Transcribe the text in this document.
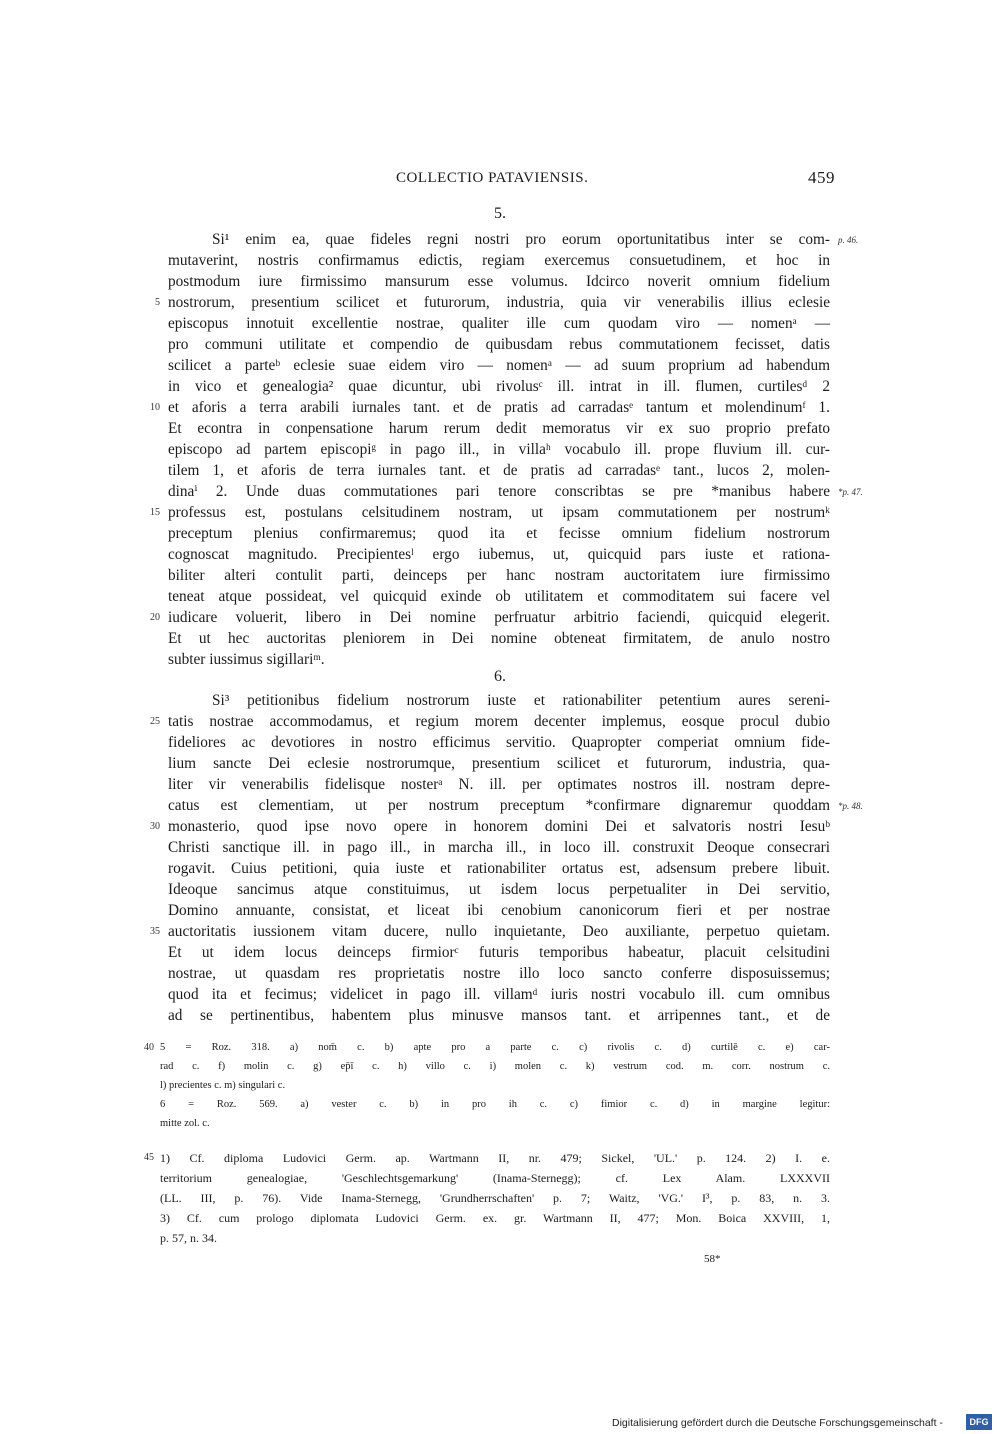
COLLECTIO PATAVIENSIS.	459
5.
Si¹ enim ea, quae fideles regni nostri pro eorum oportunitatibus inter se com-
mutaverint, nostris confirmamus edictis, regiam exercemus consuetudinem, et hoc in
postmodum iure firmissimo mansurum esse volumus. Idcirco noverit omnium fidelium
nostrorum, presentium scilicet et futurorum, industria, quia vir venerabilis illius eclesie
episcopus innotuit excellentie nostrae, qualiter ille cum quodam viro — nomenᵃ —
pro communi utilitate et compendio de quibusdam rebus commutationem fecisset, datis
scilicet a parteᵇ eclesie suae eidem viro — nomenᵃ — ad suum proprium ad habendum
in vico et genealogia² quae dicuntur, ubi rivolusᶜ ill. intrat in ill. flumen, curtilesᵈ 2
et aforis a terra arabili iurnales tant. et de pratis ad carradasᵉ tantum et molendinumᶠ 1.
Et econtra in conpensatione harum rerum dedit memoratus vir ex suo proprio prefato
episcopo ad partem episcopiᵍ in pago ill., in villaʰ vocabulo ill. prope fluvium ill. cur-
tilem 1, et aforis de terra iurnales tant. et de pratis ad carradasᵉ tant., lucos 2, molen-
dinaⁱ 2. Unde duas commutationes pari tenore conscribtas se pre *manibus habere
professus est, postulans celsitudinem nostram, ut ipsam commutationem per nostrumᵏ
preceptum plenius confirmaremus; quod ita et fecisse omnium fidelium nostrorum
cognoscat magnitudo. Precipientesˡ ergo iubemus, ut, quicquid pars iuste et rationa-
biliter alteri contulit parti, deinceps per hanc nostram auctoritatem iure firmissimo
teneat atque possideat, vel quicquid exinde ob utilitatem et commoditatem sui facere vel
iudicare voluerit, libero in Dei nomine perfruatur arbitrio faciendi, quicquid elegerit.
Et ut hec auctoritas pleniorem in Dei nomine obteneat firmitatem, de anulo nostro
subter iussimus sigillariᵐ.
6.
Si³ petitionibus fidelium nostrorum iuste et rationabiliter petentium aures sereni-
tatis nostrae accommodamus, et regium morem decenter implemus, eosque procul dubio
fideliores ac devotiores in nostro efficimus servitio. Quapropter comperiat omnium fide-
lium sancte Dei eclesie nostrorumque, presentium scilicet et futurorum, industria, qua-
liter vir venerabilis fidelisque nosterᵃ N. ill. per optimates nostros ill. nostram depre-
catus est clementiam, ut per nostrum preceptum *confirmare dignaremur quoddam
monasterio, quod ipse novo opere in honorem domini Dei et salvatoris nostri Iesuᵇ
Christi sanctique ill. in pago ill., in marcha ill., in loco ill. construxit Deoque consecrari
rogavit. Cuius petitioni, quia iuste et rationabiliter ortatus est, adsensum prebere libuit.
Ideoque sancimus atque constituimus, ut isdem locus perpetualiter in Dei servitio,
Domino annuante, consistat, et liceat ibi cenobium canonicorum fieri et per nostrae
auctoritatis iussionem vitam ducere, nullo inquietante, Deo auxiliante, perpetuo quietam.
Et ut idem locus deinceps firmiorᶜ futuris temporibus habeatur, placuit celsitudini
nostrae, ut quasdam res proprietatis nostre illo loco sancto conferre disposuissemus;
quod ita et fecimus; videlicet in pago ill. villamᵈ iuris nostri vocabulo ill. cum omnibus
ad se pertinentibus, habentem plus minusve mansos tant. et arripennes tant., et de
5
10
15
20
25
30
35
p. 46.
*p. 47.
*p. 48.
40 5 = Roz. 318. a) nom̄ c. b) apte pro a parte c. c) rivolis c. d) curtilē c. e) car-
rad c. f) molin c. g) ep̄ī c. h) villo c. i) molen c. k) vestrum cod. m. corr. nostrum c.
l) precientes c. m) singulari c.
6 = Roz. 569. a) vester c. b) in pro ih c. c) fimior c. d) in margine legitur:
mitte zol. c.
45 1) Cf. diploma Ludovici Germ. ap. Wartmann II, nr. 479; Sickel, 'UL.' p. 124. 2) I. e.
territorium genealogiae, 'Geschlechtsgemarkung' (Inama-Sternegg); cf. Lex Alam. LXXXVII
(LL. III, p. 76). Vide Inama-Sternegg, 'Grundherrschaften' p. 7; Waitz, 'VG.' I³, p. 83, n. 3.
3) Cf. cum prologo diplomata Ludovici Germ. ex. gr. Wartmann II, 477; Mon. Boica XXVIII, 1,
p. 57, n. 34.
58*
Digitalisierung gefördert durch die Deutsche Forschungsgemeinschaft -	DFG
